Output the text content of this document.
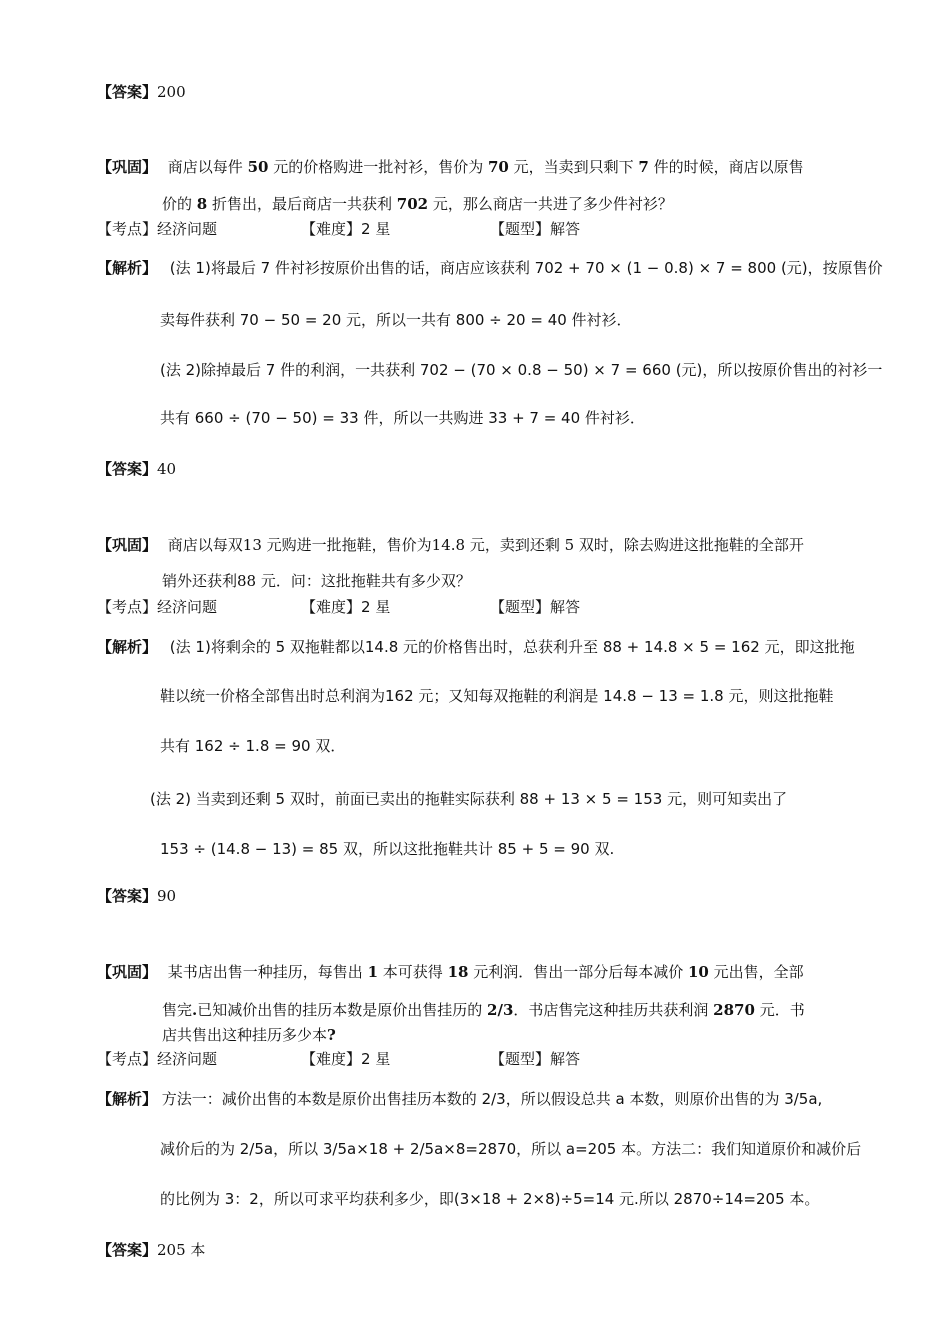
【答案】200
【巩固】 商店以每件 50 元的价格购进一批衬衫，售价为 70 元，当卖到只剩下 7 件的时候，商店以原售
价的 8 折售出，最后商店一共获利 702 元，那么商店一共进了多少件衬衫？
【考点】经济问题	【难度】2 星	【题型】解答
【解析】 (法 1)将最后 7 件衬衫按原价出售的话，商店应该获利 702 + 70 × (1 − 0.8) × 7 = 800 (元)，按原售价
卖每件获利 70 − 50 = 20 元，所以一共有 800 ÷ 20 = 40 件衬衫．
(法 2)除掉最后 7 件的利润，一共获利 702 − (70 × 0.8 − 50) × 7 = 660 (元)，所以按原价售出的衬衫一
共有 660 ÷ (70 − 50) = 33 件，所以一共购进 33 + 7 = 40 件衬衫．
【答案】40
【巩固】 商店以每双13 元购进一批拖鞋，售价为14.8 元，卖到还剩 5 双时，除去购进这批拖鞋的全部开
销外还获利88 元．问：这批拖鞋共有多少双？
【考点】经济问题	【难度】2 星	【题型】解答
【解析】 (法 1)将剩余的 5 双拖鞋都以14.8 元的价格售出时，总获利升至 88 + 14.8 × 5 = 162 元，即这批拖
鞋以统一价格全部售出时总利润为162 元；又知每双拖鞋的利润是 14.8 − 13 = 1.8 元，则这批拖鞋
共有 162 ÷ 1.8 = 90 双．
(法 2) 当卖到还剩 5 双时，前面已卖出的拖鞋实际获利 88 + 13 × 5 = 153 元，则可知卖出了
153 ÷ (14.8 − 13) = 85 双，所以这批拖鞋共计 85 + 5 = 90 双.
【答案】90
【巩固】 某书店出售一种挂历，每售出 1 本可获得 18 元利润．售出一部分后每本减价 10 元出售，全部
售完.已知减价出售的挂历本数是原价出售挂历的 2/3．书店售完这种挂历共获利润 2870 元．书
店共售出这种挂历多少本?
【考点】经济问题	【难度】2 星	【题型】解答
【解析】 方法一：减价出售的本数是原价出售挂历本数的 2/3，所以假设总共 a 本数，则原价出售的为 3/5a,
减价后的为 2/5a，所以 3/5a×18 + 2/5a×8=2870，所以 a=205 本。方法二：我们知道原价和减价后
的比例为 3：2，所以可求平均获利多少，即(3×18 + 2×8)÷5=14 元.所以 2870÷14=205 本。
【答案】205 本
